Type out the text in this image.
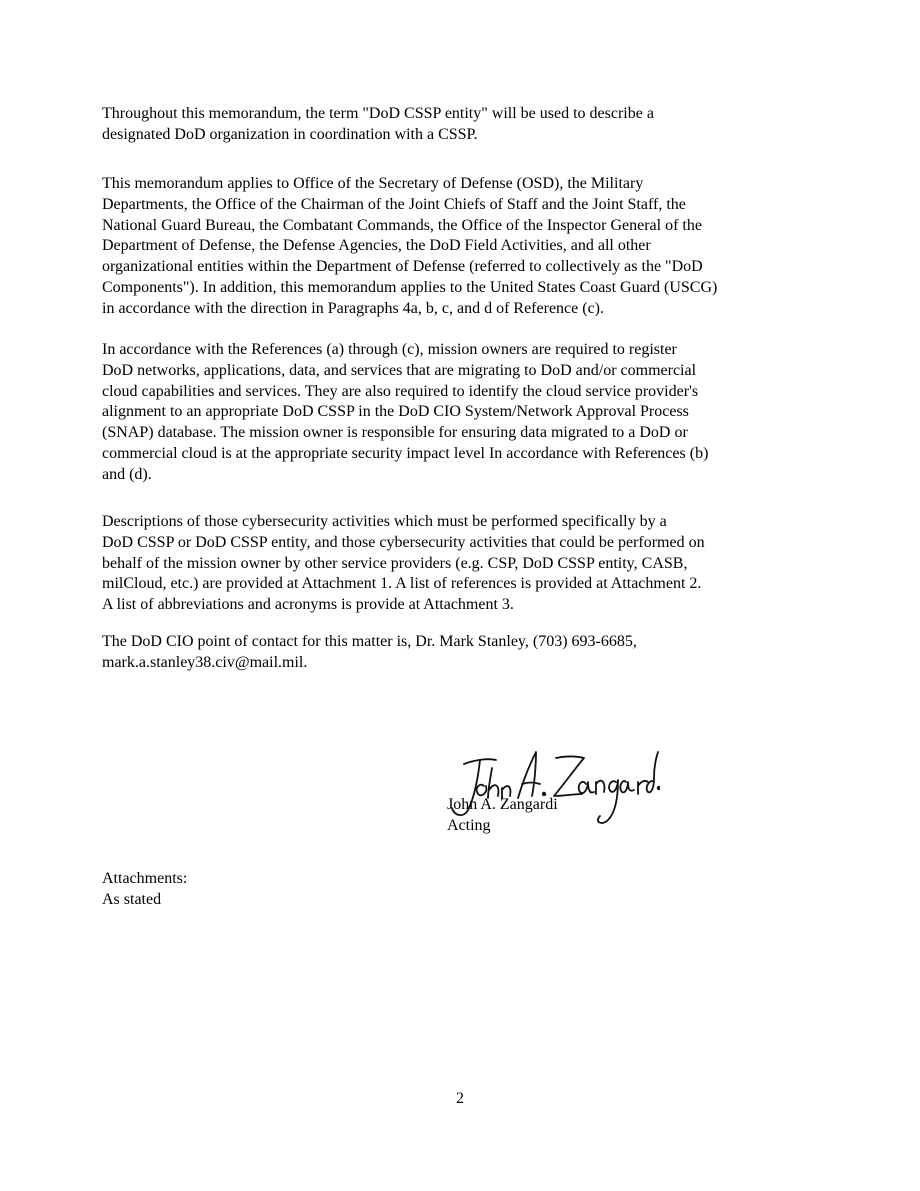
Throughout this memorandum, the term "DoD CSSP entity" will be used to describe a
designated DoD organization in coordination with a CSSP.

This memorandum applies to Office of the Secretary of Defense (OSD), the Military
Departments, the Office of the Chairman of the Joint Chiefs of Staff and the Joint Staff, the
National Guard Bureau, the Combatant Commands, the Office of the Inspector General of the
Department of Defense, the Defense Agencies, the DoD Field Activities, and all other
organizational entities within the Department of Defense (referred to collectively as the "DoD
Components"). In addition, this memorandum applies to the United States Coast Guard (USCG)
in accordance with the direction in Paragraphs 4a, b, c, and d of Reference (c).

In accordance with the References (a) through (c), mission owners are required to register
DoD networks, applications, data, and services that are migrating to DoD and/or commercial
cloud capabilities and services. They are also required to identify the cloud service provider's
alignment to an appropriate DoD CSSP in the DoD CIO System/Network Approval Process
(SNAP) database. The mission owner is responsible for ensuring data migrated to a DoD or
commercial cloud is at the appropriate security impact level In accordance with References (b)
and (d).

Descriptions of those cybersecurity activities which must be performed specifically by a
DoD CSSP or DoD CSSP entity, and those cybersecurity activities that could be performed on
behalf of the mission owner by other service providers (e.g. CSP, DoD CSSP entity, CASB,
milCloud, etc.) are provided at Attachment 1. A list of references is provided at Attachment 2.
A list of abbreviations and acronyms is provide at Attachment 3.

The DoD CIO point of contact for this matter is, Dr. Mark Stanley, (703) 693-6685,
mark.a.stanley38.civ@mail.mil.

John A. Zangardi
Acting
Attachments:
As stated
2
